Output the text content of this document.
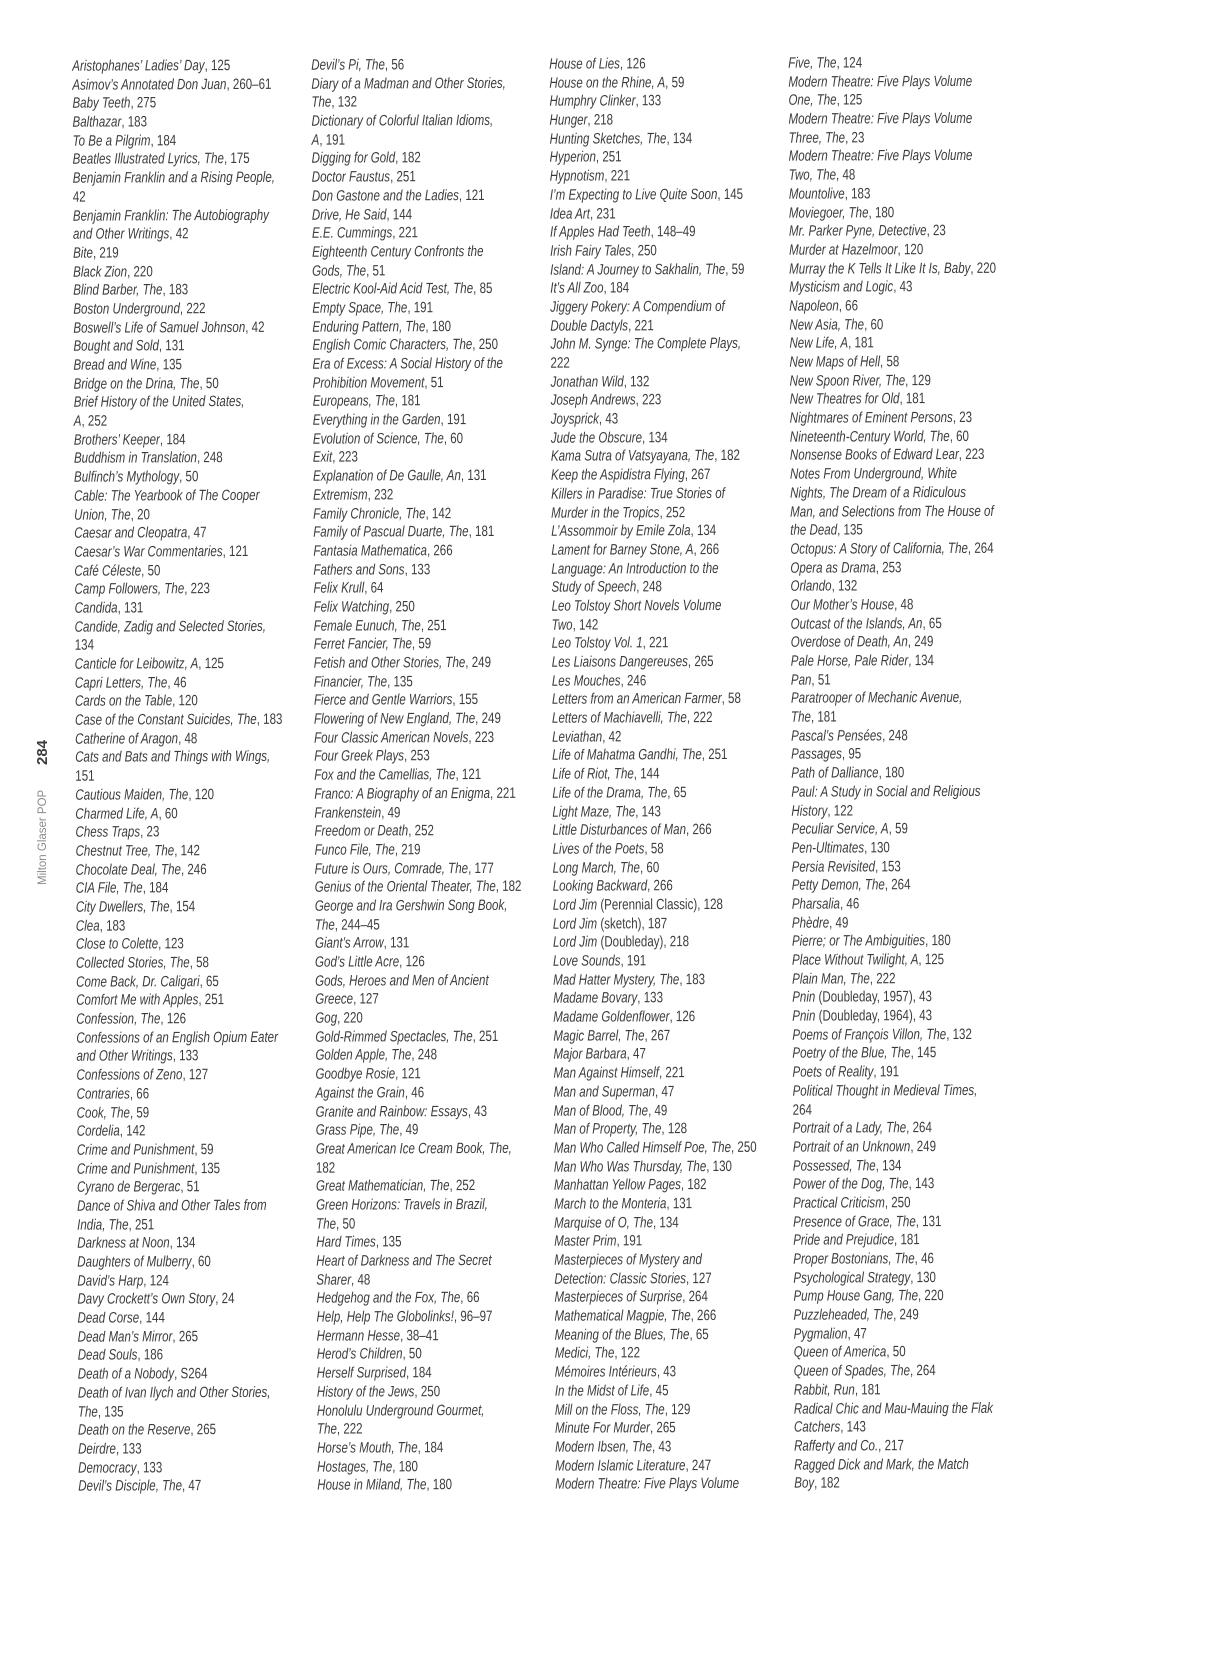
Aristophanes’ Ladies’ Day, 125
Asimov’s Annotated Don Juan, 260–61
Baby Teeth, 275
Balthazar, 183
To Be a Pilgrim, 184
Beatles Illustrated Lyrics, The, 175
Benjamin Franklin and a Rising People,
42
Benjamin Franklin: The Autobiography
and Other Writings, 42
Bite, 219
Black Zion, 220
Blind Barber, The, 183
Boston Underground, 222
Boswell’s Life of Samuel Johnson, 42
Bought and Sold, 131
Bread and Wine, 135
Bridge on the Drina, The, 50
Brief History of the United States,
A, 252
Brothers’ Keeper, 184
Buddhism in Translation, 248
Bulfinch’s Mythology, 50
Cable: The Yearbook of The Cooper
Union, The, 20
Caesar and Cleopatra, 47
Caesar’s War Commentaries, 121
Café Céleste, 50
Camp Followers, The, 223
Candida, 131
Candide, Zadig and Selected Stories,
134
Canticle for Leibowitz, A, 125
Capri Letters, The, 46
Cards on the Table, 120
Case of the Constant Suicides, The, 183
Catherine of Aragon, 48
Cats and Bats and Things with Wings,
151
Cautious Maiden, The, 120
Charmed Life, A, 60
Chess Traps, 23
Chestnut Tree, The, 142
Chocolate Deal, The, 246
CIA File, The, 184
City Dwellers, The, 154
Clea, 183
Close to Colette, 123
Collected Stories, The, 58
Come Back, Dr. Caligari, 65
Comfort Me with Apples, 251
Confession, The, 126
Confessions of an English Opium Eater
and Other Writings, 133
Confessions of Zeno, 127
Contraries, 66
Cook, The, 59
Cordelia, 142
Crime and Punishment, 59
Crime and Punishment, 135
Cyrano de Bergerac, 51
Dance of Shiva and Other Tales from
India, The, 251
Darkness at Noon, 134
Daughters of Mulberry, 60
David’s Harp, 124
Davy Crockett’s Own Story, 24
Dead Corse, 144
Dead Man’s Mirror, 265
Dead Souls, 186
Death of a Nobody, S264
Death of Ivan Ilych and Other Stories,
The, 135
Death on the Reserve, 265
Deirdre, 133
Democracy, 133
Devil’s Disciple, The, 47
Devil’s Pi, The, 56
Diary of a Madman and Other Stories,
The, 132
Dictionary of Colorful Italian Idioms,
A, 191
Digging for Gold, 182
Doctor Faustus, 251
Don Gastone and the Ladies, 121
Drive, He Said, 144
E.E. Cummings, 221
Eighteenth Century Confronts the
Gods, The, 51
Electric Kool-Aid Acid Test, The, 85
Empty Space, The, 191
Enduring Pattern, The, 180
English Comic Characters, The, 250
Era of Excess: A Social History of the
Prohibition Movement, 51
Europeans, The, 181
Everything in the Garden, 191
Evolution of Science, The, 60
Exit, 223
Explanation of De Gaulle, An, 131
Extremism, 232
Family Chronicle, The, 142
Family of Pascual Duarte, The, 181
Fantasia Mathematica, 266
Fathers and Sons, 133
Felix Krull, 64
Felix Watching, 250
Female Eunuch, The, 251
Ferret Fancier, The, 59
Fetish and Other Stories, The, 249
Financier, The, 135
Fierce and Gentle Warriors, 155
Flowering of New England, The, 249
Four Classic American Novels, 223
Four Greek Plays, 253
Fox and the Camellias, The, 121
Franco: A Biography of an Enigma, 221
Frankenstein, 49
Freedom or Death, 252
Funco File, The, 219
Future is Ours, Comrade, The, 177
Genius of the Oriental Theater, The, 182
George and Ira Gershwin Song Book,
The, 244–45
Giant’s Arrow, 131
God’s Little Acre, 126
Gods, Heroes and Men of Ancient
Greece, 127
Gog, 220
Gold-Rimmed Spectacles, The, 251
Golden Apple, The, 248
Goodbye Rosie, 121
Against the Grain, 46
Granite and Rainbow: Essays, 43
Grass Pipe, The, 49
Great American Ice Cream Book, The,
182
Great Mathematician, The, 252
Green Horizons: Travels in Brazil,
The, 50
Hard Times, 135
Heart of Darkness and The Secret
Sharer, 48
Hedgehog and the Fox, The, 66
Help, Help The Globolinks!, 96–97
Hermann Hesse, 38–41
Herod’s Children, 50
Herself Surprised, 184
History of the Jews, 250
Honolulu Underground Gourmet,
The, 222
Horse’s Mouth, The, 184
Hostages, The, 180
House in Miland, The, 180
House of Lies, 126
House on the Rhine, A, 59
Humphry Clinker, 133
Hunger, 218
Hunting Sketches, The, 134
Hyperion, 251
Hypnotism, 221
I’m Expecting to Live Quite Soon, 145
Idea Art, 231
If Apples Had Teeth, 148–49
Irish Fairy Tales, 250
Island: A Journey to Sakhalin, The, 59
It’s All Zoo, 184
Jiggery Pokery: A Compendium of
Double Dactyls, 221
John M. Synge: The Complete Plays,
222
Jonathan Wild, 132
Joseph Andrews, 223
Joysprick, 43
Jude the Obscure, 134
Kama Sutra of Vatsyayana, The, 182
Keep the Aspidistra Flying, 267
Killers in Paradise: True Stories of
Murder in the Tropics, 252
L’Assommoir by Emile Zola, 134
Lament for Barney Stone, A, 266
Language: An Introduction to the
Study of Speech, 248
Leo Tolstoy Short Novels Volume
Two, 142
Leo Tolstoy Vol. 1, 221
Les Liaisons Dangereuses, 265
Les Mouches, 246
Letters from an American Farmer, 58
Letters of Machiavelli, The, 222
Leviathan, 42
Life of Mahatma Gandhi, The, 251
Life of Riot, The, 144
Life of the Drama, The, 65
Light Maze, The, 143
Little Disturbances of Man, 266
Lives of the Poets, 58
Long March, The, 60
Looking Backward, 266
Lord Jim (Perennial Classic), 128
Lord Jim (sketch), 187
Lord Jim (Doubleday), 218
Love Sounds, 191
Mad Hatter Mystery, The, 183
Madame Bovary, 133
Madame Goldenflower, 126
Magic Barrel, The, 267
Major Barbara, 47
Man Against Himself, 221
Man and Superman, 47
Man of Blood, The, 49
Man of Property, The, 128
Man Who Called Himself Poe, The, 250
Man Who Was Thursday, The, 130
Manhattan Yellow Pages, 182
March to the Monteria, 131
Marquise of O, The, 134
Master Prim, 191
Masterpieces of Mystery and
Detection: Classic Stories, 127
Masterpieces of Surprise, 264
Mathematical Magpie, The, 266
Meaning of the Blues, The, 65
Medici, The, 122
Mémoires Intérieurs, 43
In the Midst of Life, 45
Mill on the Floss, The, 129
Minute For Murder, 265
Modern Ibsen, The, 43
Modern Islamic Literature, 247
Modern Theatre: Five Plays Volume
Five, The, 124
Modern Theatre: Five Plays Volume
One, The, 125
Modern Theatre: Five Plays Volume
Three, The, 23
Modern Theatre: Five Plays Volume
Two, The, 48
Mountolive, 183
Moviegoer, The, 180
Mr. Parker Pyne, Detective, 23
Murder at Hazelmoor, 120
Murray the K Tells It Like It Is, Baby, 220
Mysticism and Logic, 43
Napoleon, 66
New Asia, The, 60
New Life, A, 181
New Maps of Hell, 58
New Spoon River, The, 129
New Theatres for Old, 181
Nightmares of Eminent Persons, 23
Nineteenth-Century World, The, 60
Nonsense Books of Edward Lear, 223
Notes From Underground, White
Nights, The Dream of a Ridiculous
Man, and Selections from The House of
the Dead, 135
Octopus: A Story of California, The, 264
Opera as Drama, 253
Orlando, 132
Our Mother’s House, 48
Outcast of the Islands, An, 65
Overdose of Death, An, 249
Pale Horse, Pale Rider, 134
Pan, 51
Paratrooper of Mechanic Avenue,
The, 181
Pascal’s Pensées, 248
Passages, 95
Path of Dalliance, 180
Paul: A Study in Social and Religious
History, 122
Peculiar Service, A, 59
Pen-Ultimates, 130
Persia Revisited, 153
Petty Demon, The, 264
Pharsalia, 46
Phèdre, 49
Pierre; or The Ambiguities, 180
Place Without Twilight, A, 125
Plain Man, The, 222
Pnin (Doubleday, 1957), 43
Pnin (Doubleday, 1964), 43
Poems of François Villon, The, 132
Poetry of the Blue, The, 145
Poets of Reality, 191
Political Thought in Medieval Times,
264
Portrait of a Lady, The, 264
Portrait of an Unknown, 249
Possessed, The, 134
Power of the Dog, The, 143
Practical Criticism, 250
Presence of Grace, The, 131
Pride and Prejudice, 181
Proper Bostonians, The, 46
Psychological Strategy, 130
Pump House Gang, The, 220
Puzzleheaded, The, 249
Pygmalion, 47
Queen of America, 50
Queen of Spades, The, 264
Rabbit, Run, 181
Radical Chic and Mau-Mauing the Flak
Catchers, 143
Rafferty and Co., 217
Ragged Dick and Mark, the Match
Boy, 182
284
Milton Glaser POP
